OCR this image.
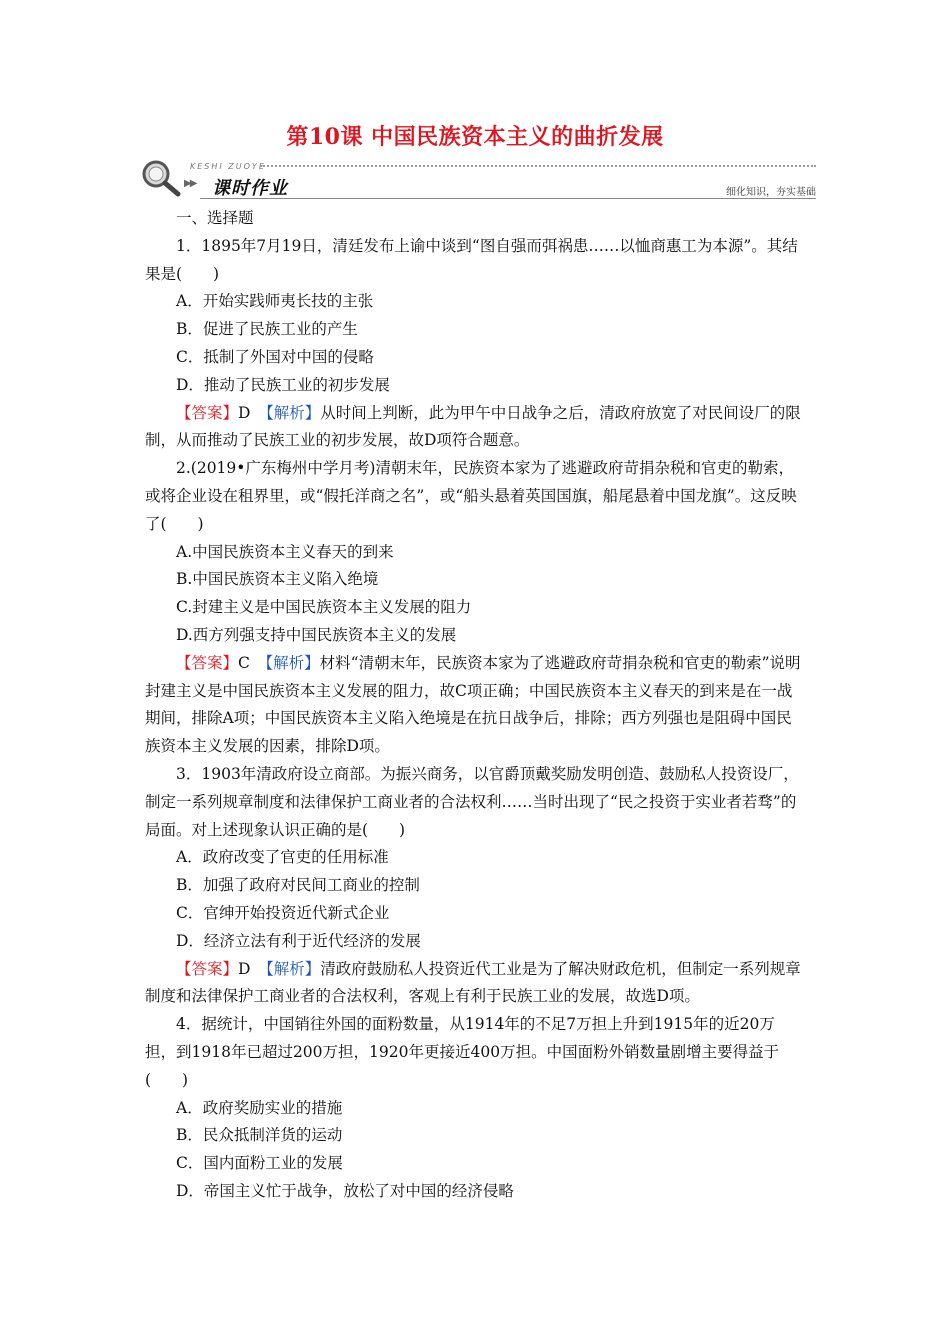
第10课 中国民族资本主义的曲折发展
KESHI ZUOYE
▶▶ 课时作业	细化知识，夯实基础

一、选择题

1．1895年7月19日，清廷发布上谕中谈到“图自强而弭祸患……以恤商惠工为本源”。其结果是(　　)

A．开始实践师夷长技的主张

B．促进了民族工业的产生

C．抵制了外国对中国的侵略

D．推动了民族工业的初步发展

【答案】D　 【解析】从时间上判断，此为甲午中日战争之后，清政府放宽了对民间设厂的限制，从而推动了民族工业的初步发展，故D项符合题意。

2.(2019•广东梅州中学月考)清朝末年，民族资本家为了逃避政府苛捐杂税和官吏的勒索，或将企业设在租界里，或“假托洋商之名”，或“船头悬着英国国旗，船尾悬着中国龙旗”。这反映了(　　)

A.中国民族资本主义春天的到来

B.中国民族资本主义陷入绝境

C.封建主义是中国民族资本主义发展的阻力

D.西方列强支持中国民族资本主义的发展

【答案】C　 【解析】材料“清朝末年，民族资本家为了逃避政府苛捐杂税和官吏的勒索”说明封建主义是中国民族资本主义发展的阻力，故C项正确；中国民族资本主义春天的到来是在一战期间，排除A项；中国民族资本主义陷入绝境是在抗日战争后，排除；西方列强也是阻碍中国民族资本主义发展的因素，排除D项。

3．1903年清政府设立商部。为振兴商务，以官爵顶戴奖励发明创造、鼓励私人投资设厂，制定一系列规章制度和法律保护工商业者的合法权利……当时出现了“民之投资于实业者若骛”的局面。对上述现象认识正确的是(　　)

A．政府改变了官吏的任用标准

B．加强了政府对民间工商业的控制

C．官绅开始投资近代新式企业

D．经济立法有利于近代经济的发展

【答案】D　 【解析】清政府鼓励私人投资近代工业是为了解决财政危机，但制定一系列规章制度和法律保护工商业者的合法权利，客观上有利于民族工业的发展，故选D项。

4．据统计，中国销往外国的面粉数量，从1914年的不足7万担上升到1915年的近20万担，到1918年已超过200万担，1920年更接近400万担。中国面粉外销数量剧增主要得益于(　　)

A．政府奖励实业的措施

B．民众抵制洋货的运动

C．国内面粉工业的发展

D．帝国主义忙于战争，放松了对中国的经济侵略
